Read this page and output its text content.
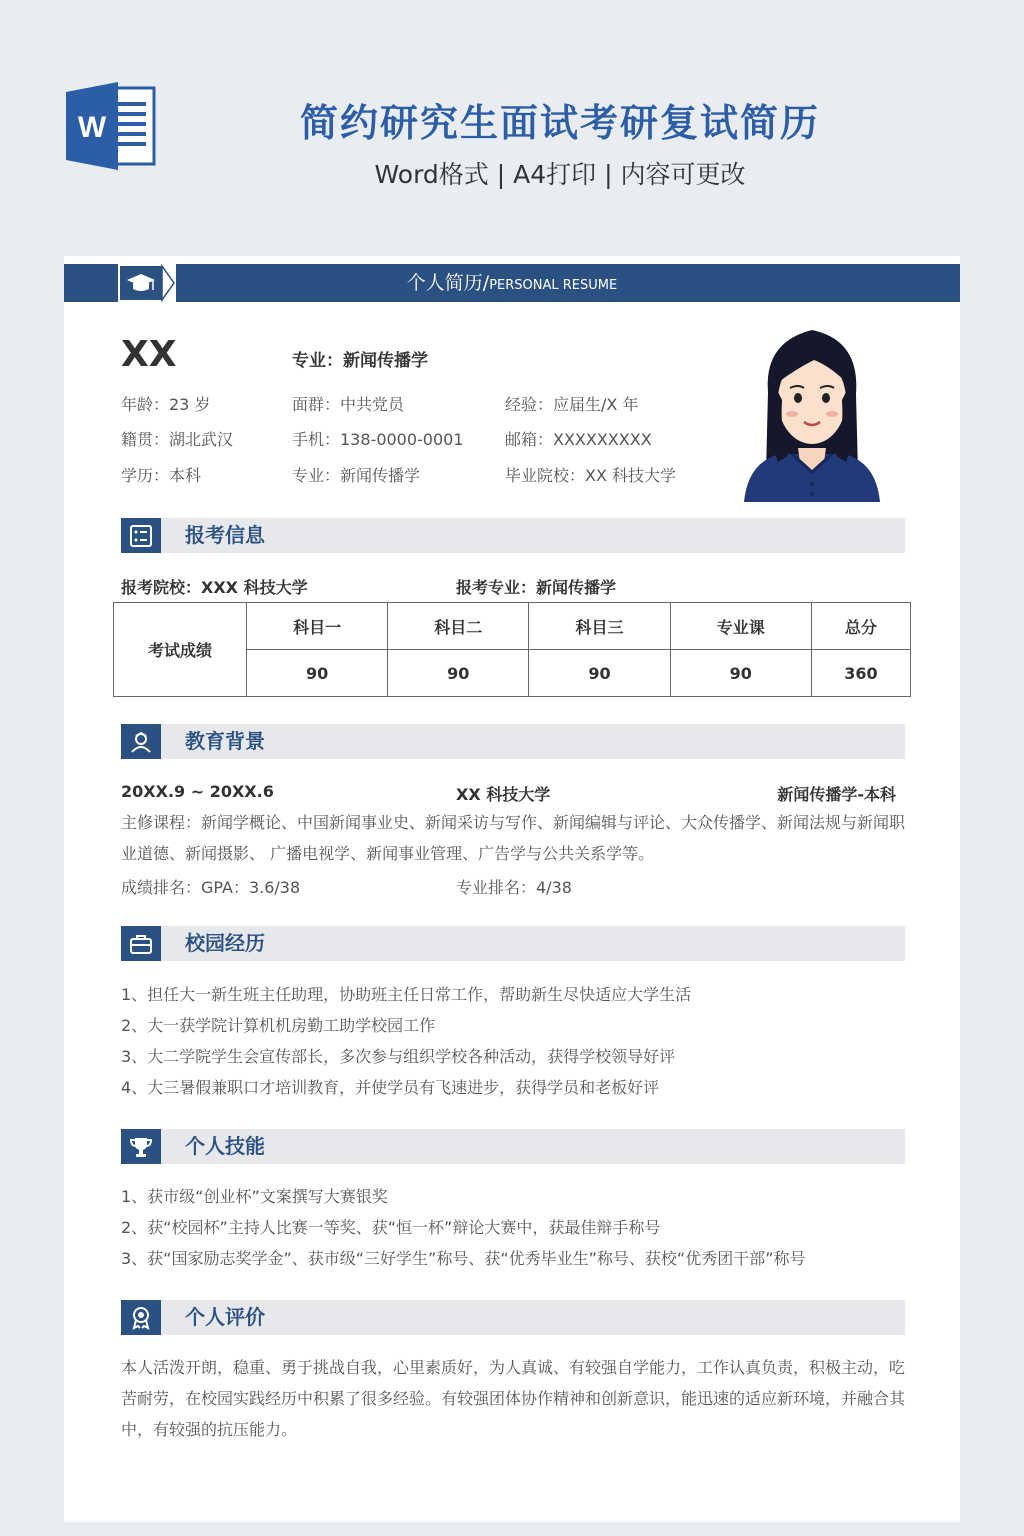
W	简约研究生面试考研复试简历
Word格式 | A4打印 | 内容可更改
个人简历/PERSONAL RESUME
XX	专业：新闻传播学
年龄：23 岁	面群：中共党员	经验：应届生/X 年
籍贯：湖北武汉	手机：138-0000-0001	邮箱：XXXXXXXXX
学历：本科	专业：新闻传播学	毕业院校：XX 科技大学
报考信息
报考院校：XXX 科技大学	报考专业：新闻传播学
考试成绩	科目一	科目二	科目三	专业课	总分
	90	90	90	90	360
教育背景
20XX.9 ~ 20XX.6	XX 科技大学	新闻传播学-本科
主修课程：新闻学概论、中国新闻事业史、新闻采访与写作、新闻编辑与评论、大众传播学、新闻法规与新闻职业道德、新闻摄影、 广播电视学、新闻事业管理、广告学与公共关系学等。
成绩排名：GPA：3.6/38	专业排名：4/38
校园经历
1、担任大一新生班主任助理，协助班主任日常工作，帮助新生尽快适应大学生活
2、大一获学院计算机机房勤工助学校园工作
3、大二学院学生会宣传部长，多次参与组织学校各种活动，获得学校领导好评
4、大三暑假兼职口才培训教育，并使学员有飞速进步，获得学员和老板好评
个人技能
1、获市级“创业杯”文案撰写大赛银奖
2、获“校园杯”主持人比赛一等奖、获“恒一杯”辩论大赛中，获最佳辩手称号
3、获“国家励志奖学金”、获市级“三好学生”称号、获“优秀毕业生”称号、获校“优秀团干部”称号
个人评价
本人活泼开朗，稳重、勇于挑战自我，心里素质好，为人真诚、有较强自学能力，工作认真负责，积极主动，吃苦耐劳，在校园实践经历中积累了很多经验。有较强团体协作精神和创新意识，能迅速的适应新环境，并融合其中，有较强的抗压能力。
